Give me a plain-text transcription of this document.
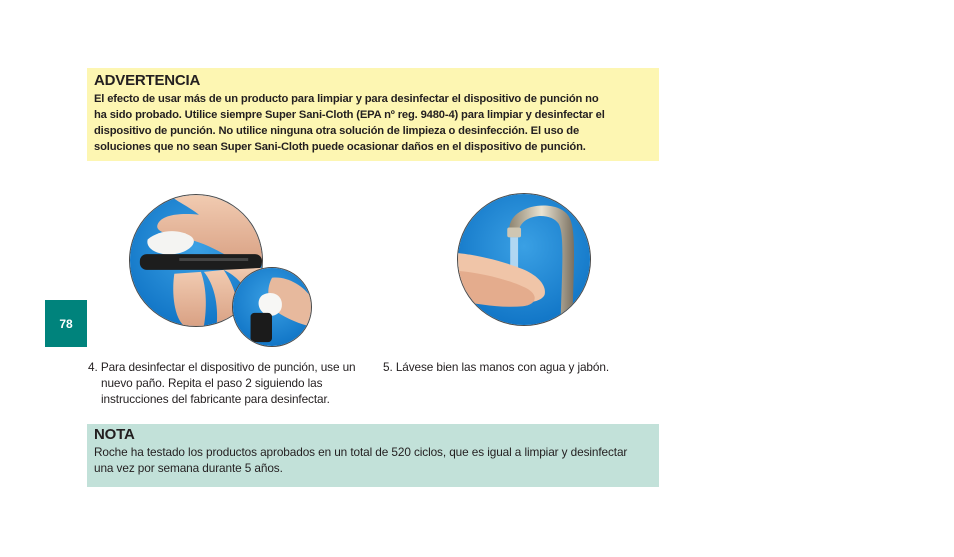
ADVERTENCIA
El efecto de usar más de un producto para limpiar y para desinfectar el dispositivo de punción no
ha sido probado. Utilice siempre Super Sani-Cloth (EPA nº reg. 9480-4) para limpiar y desinfectar el
dispositivo de punción. No utilice ninguna otra solución de limpieza o desinfección. El uso de
soluciones que no sean Super Sani-Cloth puede ocasionar daños en el dispositivo de punción.
78
4. Para desinfectar el dispositivo de punción, use un
nuevo paño. Repita el paso 2 siguiendo las
instrucciones del fabricante para desinfectar.
5. Lávese bien las manos con agua y jabón.
NOTA
Roche ha testado los productos aprobados en un total de 520 ciclos, que es igual a limpiar y desinfectar
una vez por semana durante 5 años.
